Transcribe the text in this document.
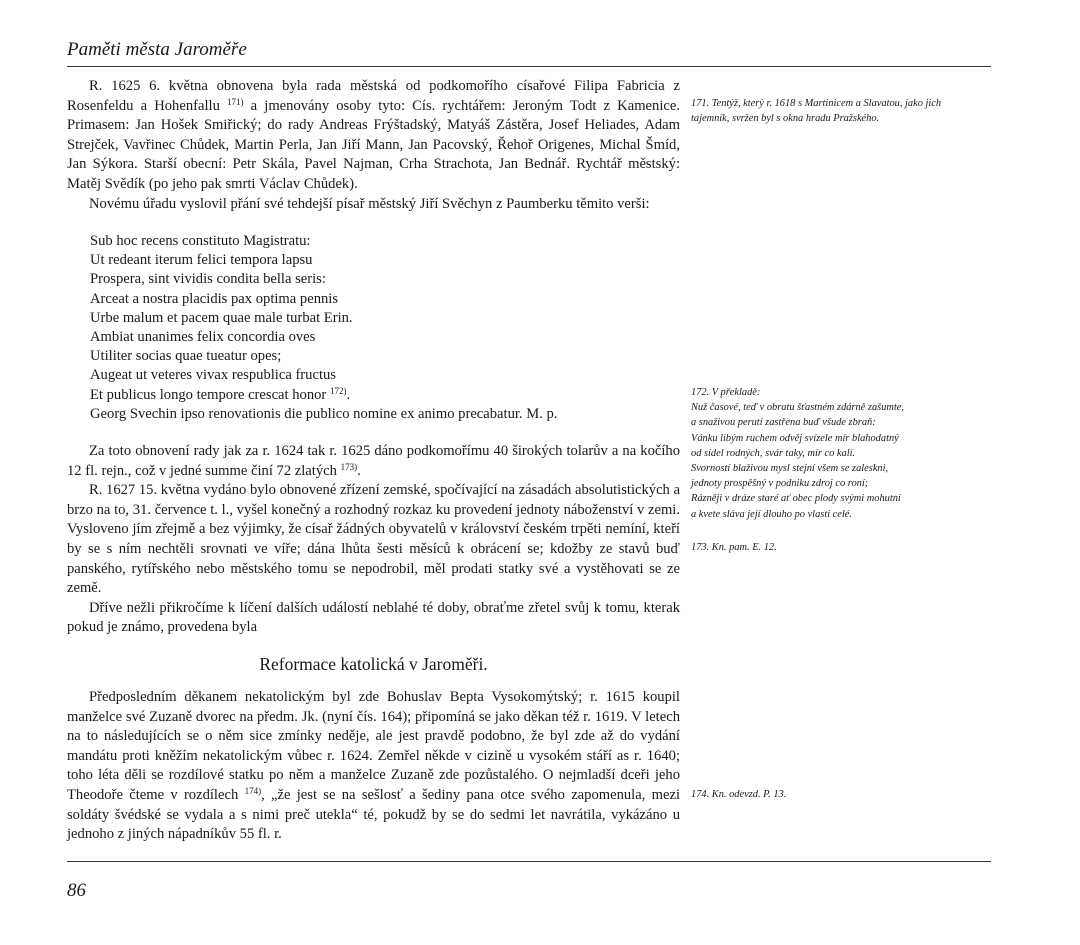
Paměti města Jaroměře

R. 1625 6. května obnovena byla rada městská od podkomořího císařové Filipa Fabricia z Rosenfeldu a Hohenfallu $^{171)}$ a jmenovány osoby tyto: Cís. rychtářem: Jeroným Todt z Kamenice. Primasem: Jan Hošek Smiřický; do rady Andreas Frýštadský, Matyáš Zástěra, Josef Heliades, Adam Strejček, Vavřinec Chůdek, Martin Perla, Jan Jiří Mann, Jan Pacovský, Řehoř Origenes, Michal Šmíd, Jan Sýkora. Starší obecní: Petr Skála, Pavel Najman, Crha Strachota, Jan Bednář. Rychtář městský: Matěj Svědík (po jeho pak smrti Václav Chůdek).

Novému úřadu vyslovil přání své tehdejší písař městský Jiří Svěchyn z Paumberku těmito verši:

Sub hoc recens constituto Magistratu:
Ut redeant iterum felici tempora lapsu
Prospera, sint vividis condita bella seris:
Arceat a nostra placidis pax optima pennis
Urbe malum et pacem quae male turbat Erin.
Ambiat unanimes felix concordia oves
Utiliter socias quae tueatur opes;
Augeat ut veteres vivax respublica fructus
Et publicus longo tempore crescat honor $^{172)}$.
Georg Svechin ipso renovationis die publico nomine ex animo precabatur. M. p.

Za toto obnovení rady jak za r. 1624 tak r. 1625 dáno podkomořímu 40 širokých tolarův a na kočího 12 fl. rejn., což v jedné summe činí 72 zlatých $^{173)}$.

R. 1627 15. května vydáno bylo obnovené zřízení zemské, spočívající na zásadách absolutistických a brzo na to, 31. července t. l., vyšel konečný a rozhodný rozkaz ku provedení jednoty náboženství v zemi. Vysloveno jím zřejmě a bez výjimky, že císař žádných obyvatelů v království českém trpěti nemíní, kteří by se s ním nechtěli srovnati ve víře; dána lhůta šesti měsíců k obrácení se; kdožby ze stavů buď panského, rytířského nebo městského tomu se nepodrobil, měl prodati statky své a vystěhovati se ze země.

Dříve nežli přikročíme k líčení dalších událostí neblahé té doby, obraťme zřetel svůj k tomu, kterak pokud je známo, provedena byla

Reformace katolická v Jaroměři.

Předposledním děkanem nekatolickým byl zde Bohuslav Bepta Vysokomýtský; r. 1615 koupil manželce své Zuzaně dvorec na předm. Jk. (nyní čís. 164); připomíná se jako děkan též r. 1619. V letech na to následujících se o něm sice zmínky neděje, ale jest pravdě podobno, že byl zde až do vydání mandátu proti kněžím nekatolickým vůbec r. 1624. Zemřel někde v cizině u vysokém stáří as r. 1640; toho léta děli se rozdílové statku po něm a manželce Zuzaně zde pozůstalého. O nejmladší dceři jeho Theodoře čteme v rozdílech $^{174)}$, „že jest se na sešlosť a šediny pana otce svého zapomenula, mezi soldáty švédské se vydala a s nimi preč utekla“ té, pokudž by se do sedmi let navrátila, vykázáno u jednoho z jiných nápadníkův 55 fl. r.

171. Tentýž, který r. 1618 s Martinicem a Slavatou, jako jich
tajemník, svržen byl s okna hradu Pražského.
172. V překladě:
Nuž časové, teď v obratu šťastném zdárně zašumte,
a snaživou perutí zastřena buď všude zbraň:
Vánku libým ruchem odvěj svízele mír blahodatný
od sídel rodných, svár taky, mír co kalí.
Svorností blaživou mysl stejní všem se zaleskni,
jednoty prospěšný v podniku zdroj co roní;
Rázněji v dráze staré ať obec plody svými mohutní
a kvete sláva její dlouho po vlasti celé.
173. Kn. pam. E. 12.
174. Kn. odevzd. P. 13.
86
